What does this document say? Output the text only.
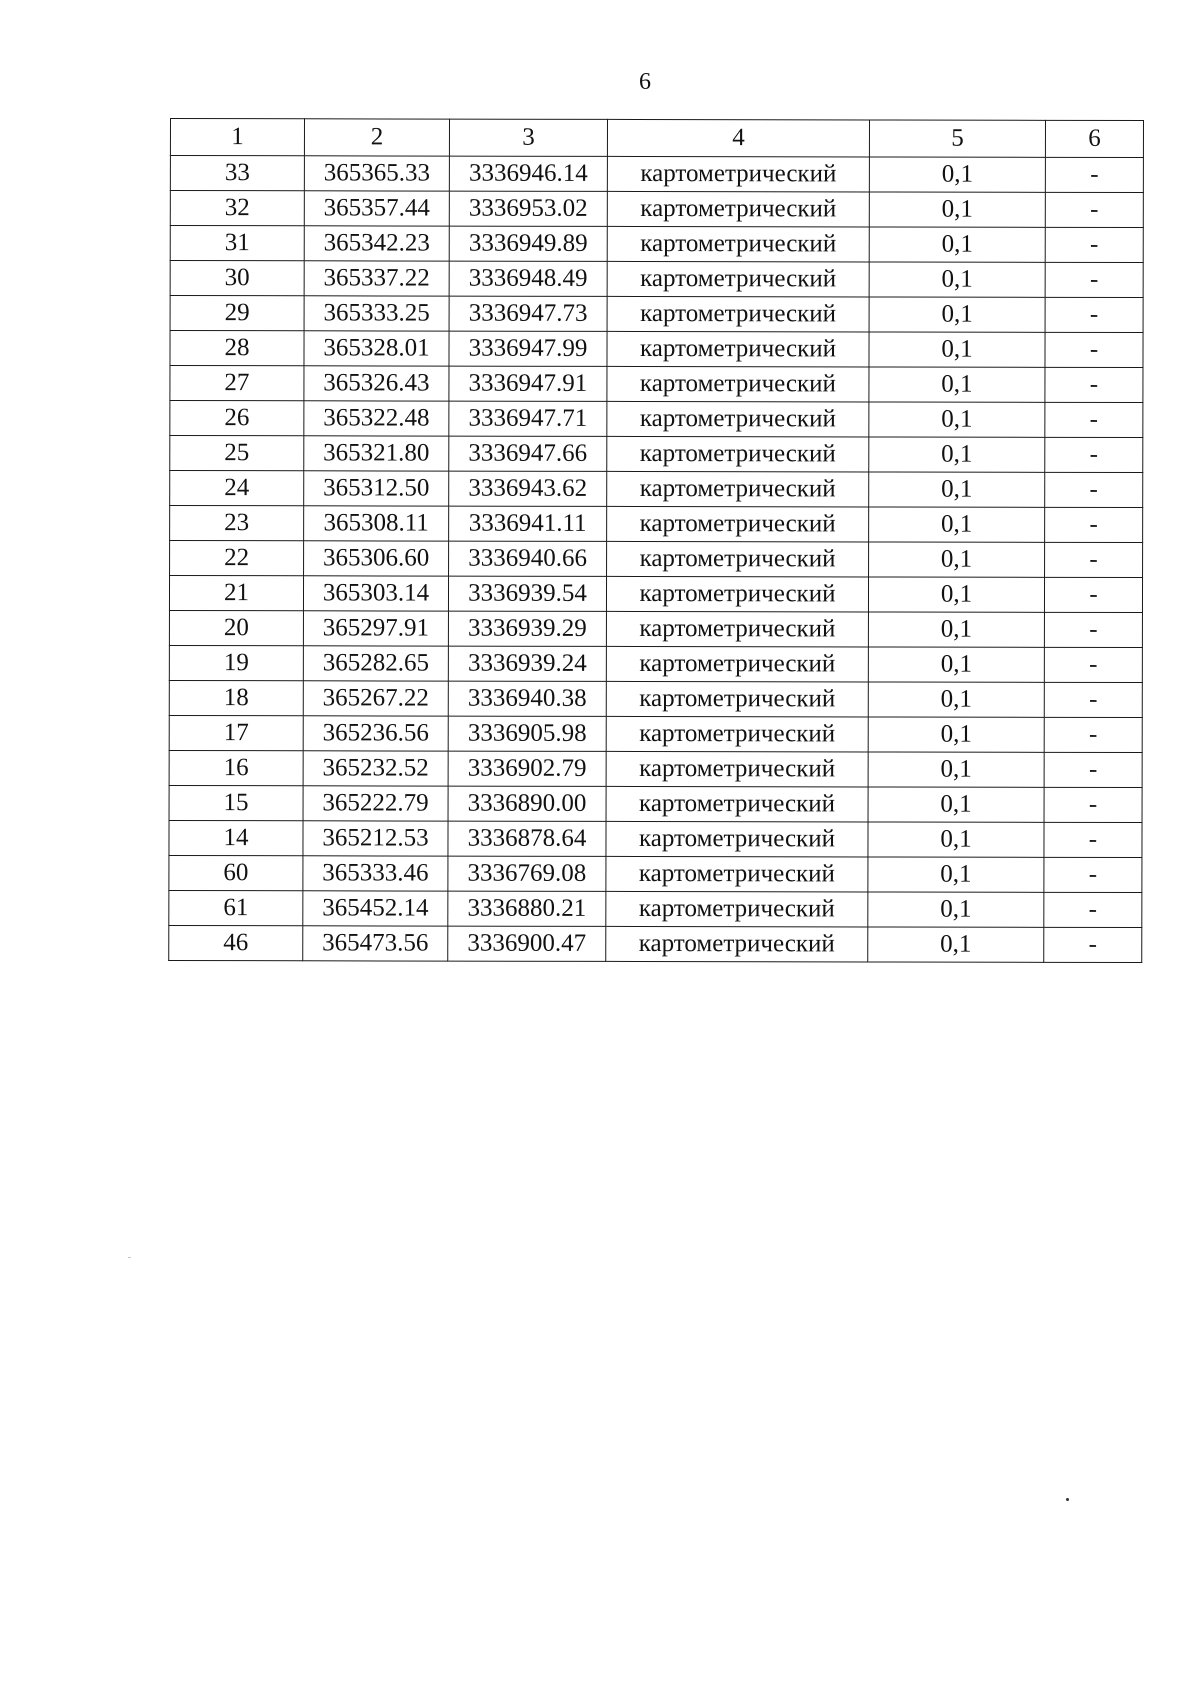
6
1	2	3	4	5	6
33	365365.33	3336946.14	картометрический	0,1	-
32	365357.44	3336953.02	картометрический	0,1	-
31	365342.23	3336949.89	картометрический	0,1	-
30	365337.22	3336948.49	картометрический	0,1	-
29	365333.25	3336947.73	картометрический	0,1	-
28	365328.01	3336947.99	картометрический	0,1	-
27	365326.43	3336947.91	картометрический	0,1	-
26	365322.48	3336947.71	картометрический	0,1	-
25	365321.80	3336947.66	картометрический	0,1	-
24	365312.50	3336943.62	картометрический	0,1	-
23	365308.11	3336941.11	картометрический	0,1	-
22	365306.60	3336940.66	картометрический	0,1	-
21	365303.14	3336939.54	картометрический	0,1	-
20	365297.91	3336939.29	картометрический	0,1	-
19	365282.65	3336939.24	картометрический	0,1	-
18	365267.22	3336940.38	картометрический	0,1	-
17	365236.56	3336905.98	картометрический	0,1	-
16	365232.52	3336902.79	картометрический	0,1	-
15	365222.79	3336890.00	картометрический	0,1	-
14	365212.53	3336878.64	картометрический	0,1	-
60	365333.46	3336769.08	картометрический	0,1	-
61	365452.14	3336880.21	картометрический	0,1	-
46	365473.56	3336900.47	картометрический	0,1	-
